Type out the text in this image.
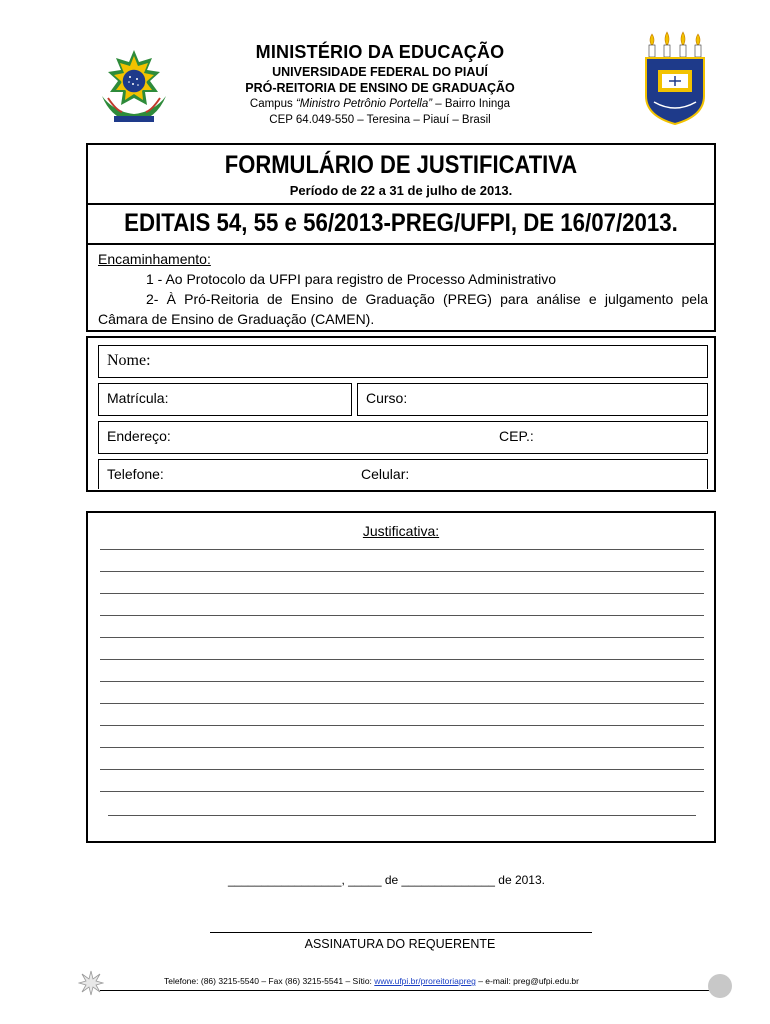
MINISTÉRIO DA EDUCAÇÃO
UNIVERSIDADE FEDERAL DO PIAUÍ
PRÓ-REITORIA DE ENSINO DE GRADUAÇÃO
Campus “Ministro Petrônio Portella” – Bairro Ininga
CEP 64.049-550 – Teresina – Piauí – Brasil
FORMULÁRIO DE JUSTIFICATIVA
Período de 22 a 31 de julho de 2013.
EDITAIS 54, 55 e 56/2013-PREG/UFPI, DE 16/07/2013.
Encaminhamento:
1 - Ao Protocolo da UFPI para registro de Processo Administrativo
2- À Pró-Reitoria de Ensino de Graduação (PREG) para análise e julgamento pela
Câmara de Ensino de Graduação (CAMEN).
Nome:
Matrícula:	Curso:
Endereço:	CEP.:
Telefone:	Celular:
Justificativa:
_________________, _____ de ______________ de 2013.
ASSINATURA DO REQUERENTE
Telefone: (86) 3215-5540 – Fax (86) 3215-5541 – Sítio: www.ufpi.br/proreitoriapreg – e-mail: preg@ufpi.edu.br
